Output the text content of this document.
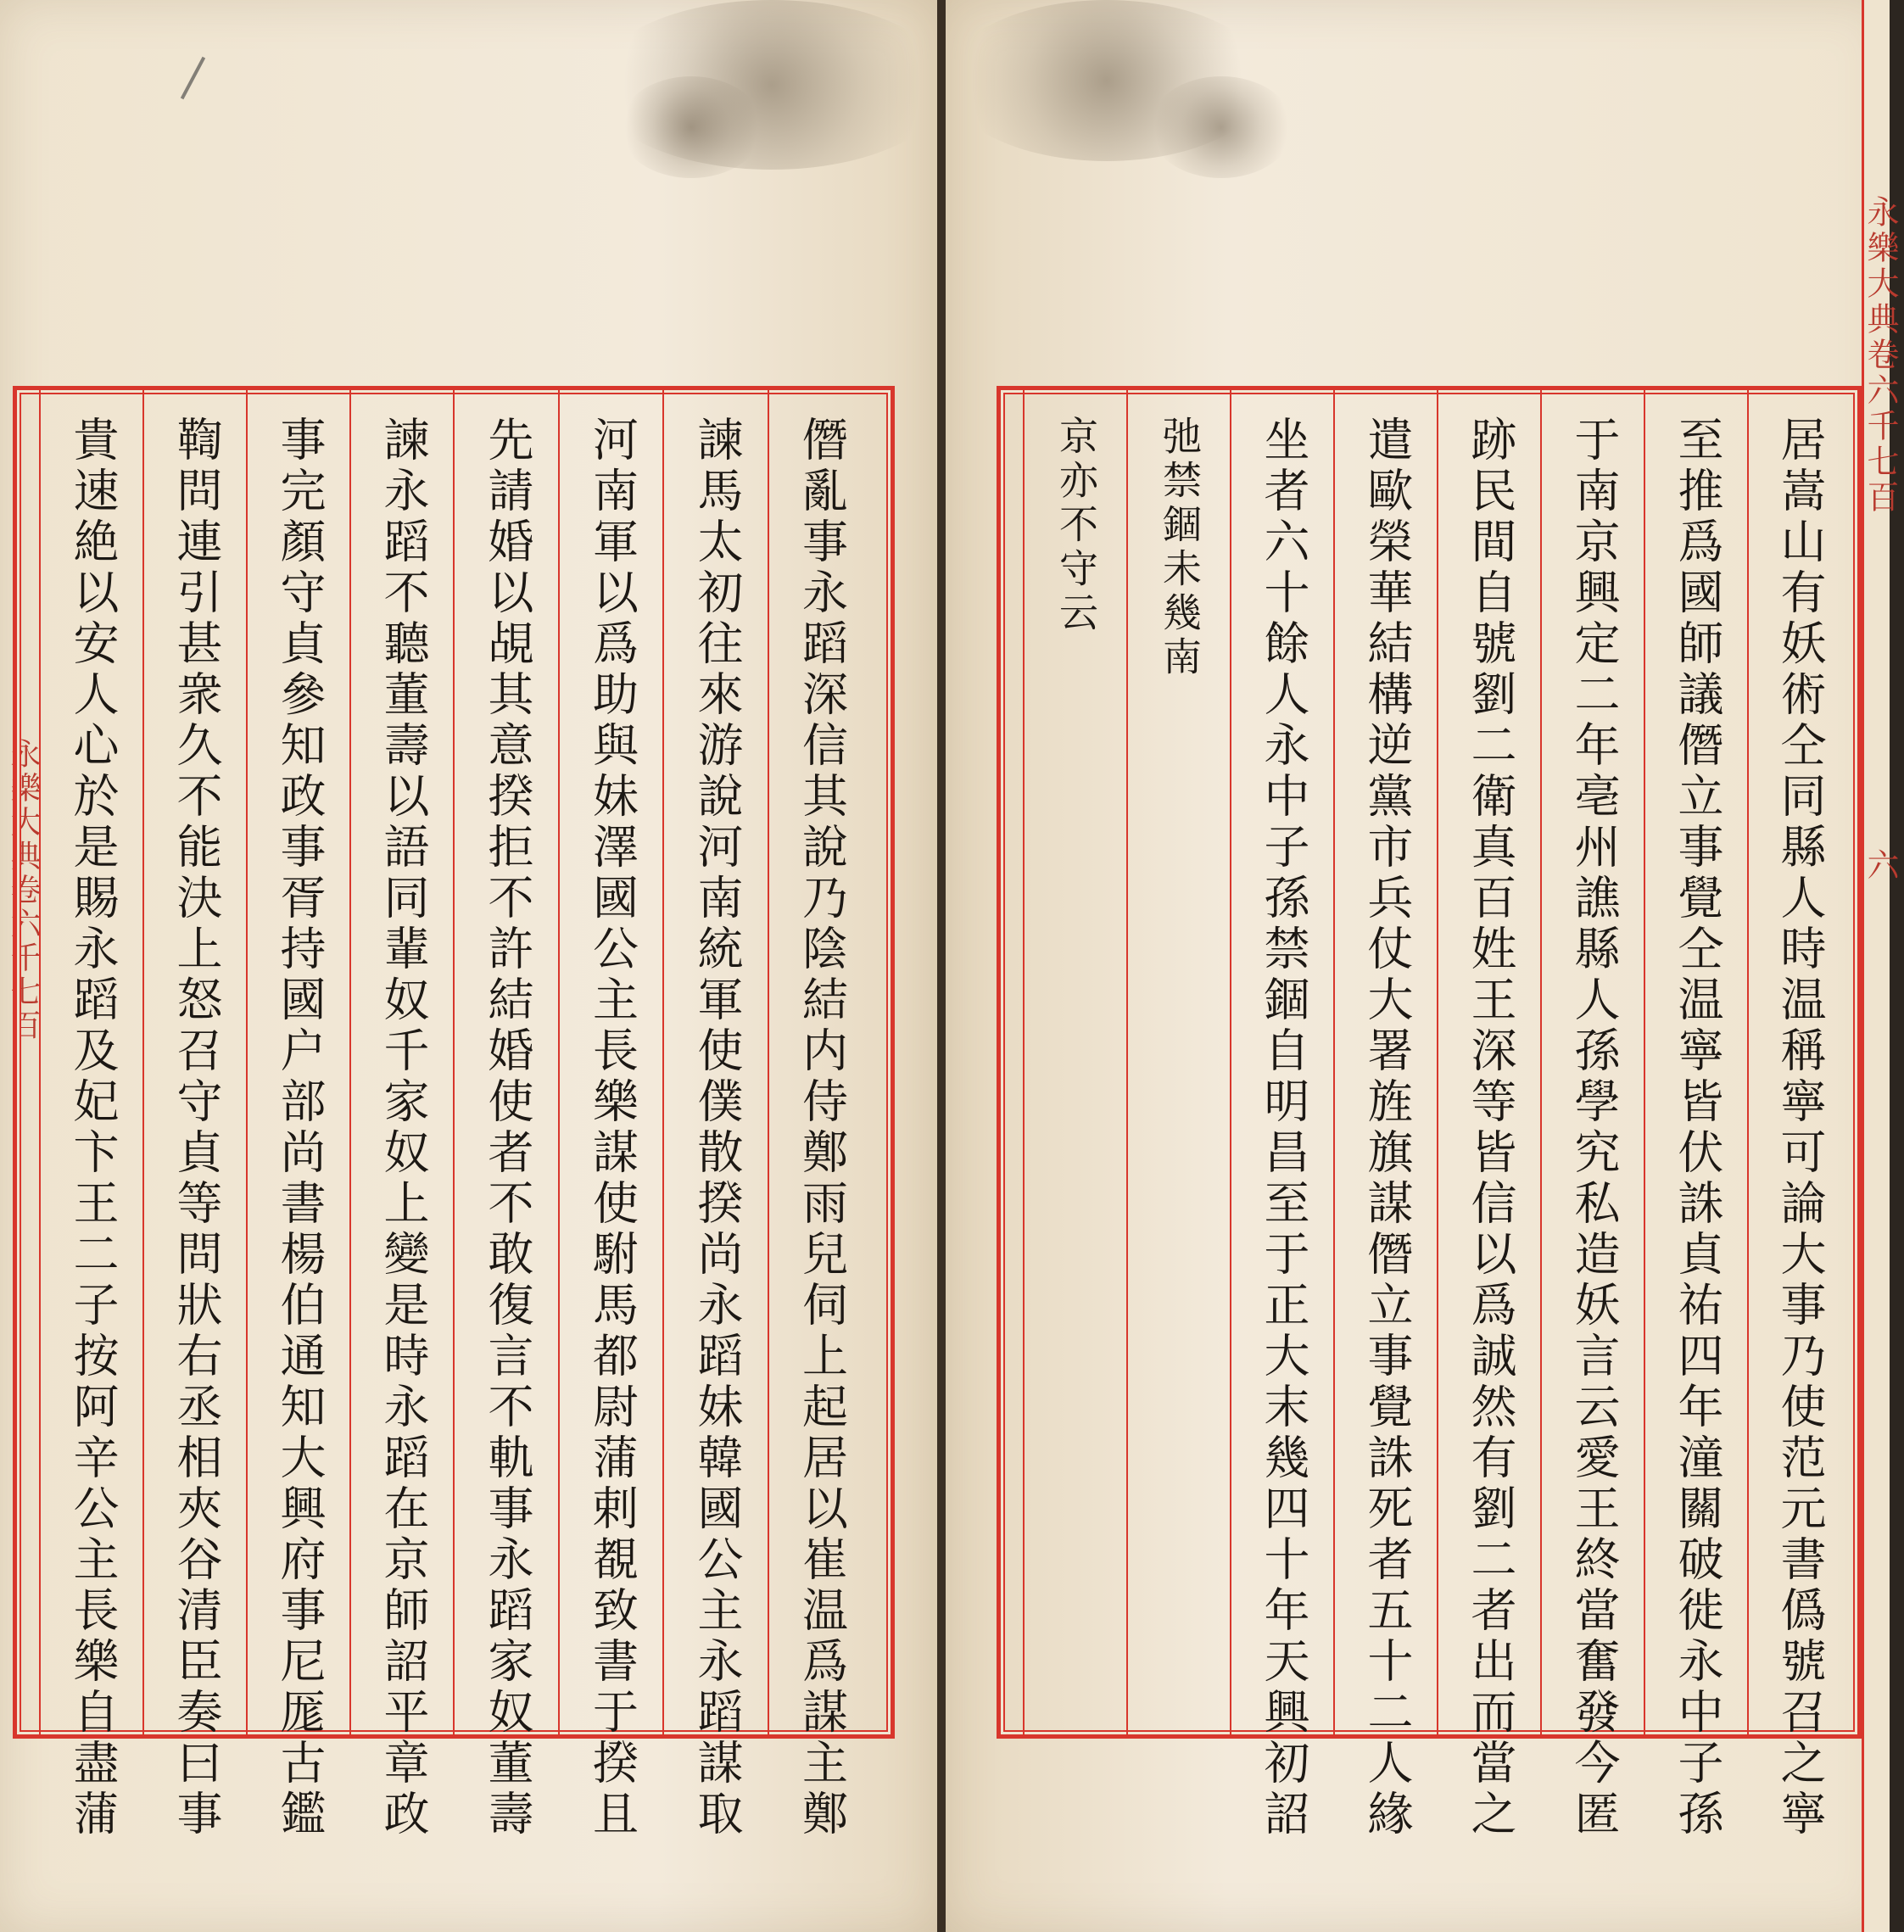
永樂大典卷六千七百	僭亂事永蹈深信其說乃陰結内侍鄭雨兒伺上起居以崔温爲謀主鄭
諫馬太初往來游說河南統軍使僕散揆尚永蹈妹韓國公主永蹈謀取
河南軍以爲助與妹澤國公主長樂謀使駙馬都尉蒲剌覩致書于揆且
先請婚以覘其意揆拒不許結婚使者不敢復言不軌事永蹈家奴董壽
諫永蹈不聽董壽以語同輩奴千家奴上變是時永蹈在京師詔平章政
事完顏守貞參知政事胥持國户部尚書楊伯通知大興府事尼厖古鑑
鞫問連引甚衆久不能決上怒召守貞等問狀右丞相夾谷清臣奏曰事
貴速絶以安人心於是賜永蹈及妃卞王二子按阿辛公主長樂自盡蒲	居嵩山有妖術仝同縣人時温稱寧可論大事乃使范元書僞號召之寧
至推爲國師議僭立事覺仝温寧皆伏誅貞祐四年潼關破徙永中子孫
于南京興定二年亳州譙縣人孫學究私造妖言云愛王終當奮發今匿
跡民間自號劉二衛真百姓王深等皆信以爲誠然有劉二者出而當之
遣歐榮華結構逆黨市兵仗大署旌旗謀僭立事覺誅死者五十二人緣
坐者六十餘人永中子孫禁錮自明昌至于正大末幾四十年天興初詔
弛禁錮未幾南
京亦不守云
永樂大典卷六千七百
六
